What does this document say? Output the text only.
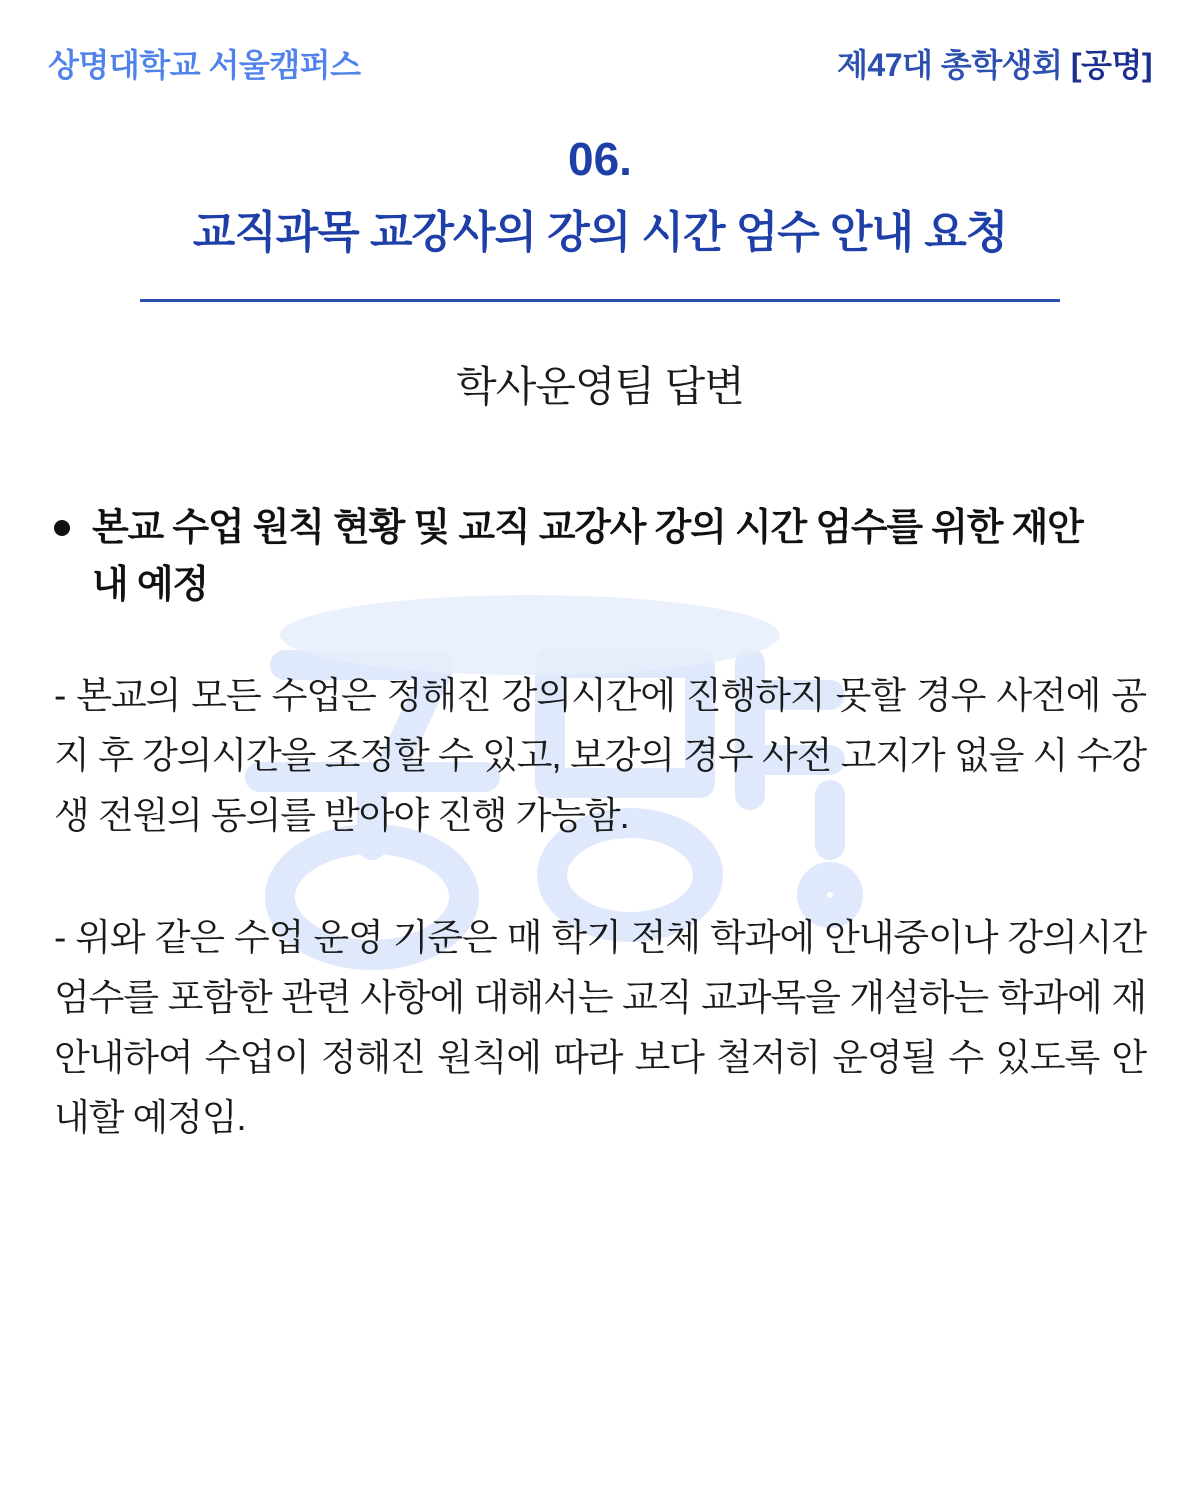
상명대학교 서울캠퍼스	제47대 총학생회 [공명]
06.
교직과목 교강사의 강의 시간 엄수 안내 요청
학사운영팀 답변
본교 수업 원칙 현황 및 교직 교강사 강의 시간 엄수를 위한 재안내 예정
- 본교의 모든 수업은 정해진 강의시간에 진행하지 못할 경우 사전에 공지 후 강의시간을 조정할 수 있고, 보강의 경우 사전 고지가 없을 시 수강생 전원의 동의를 받아야 진행 가능함.
- 위와 같은 수업 운영 기준은 매 학기 전체 학과에 안내중이나 강의시간 엄수를 포함한 관련 사항에 대해서는 교직 교과목을 개설하는 학과에 재안내하여 수업이 정해진 원칙에 따라 보다 철저히 운영될 수 있도록 안내할 예정임.
